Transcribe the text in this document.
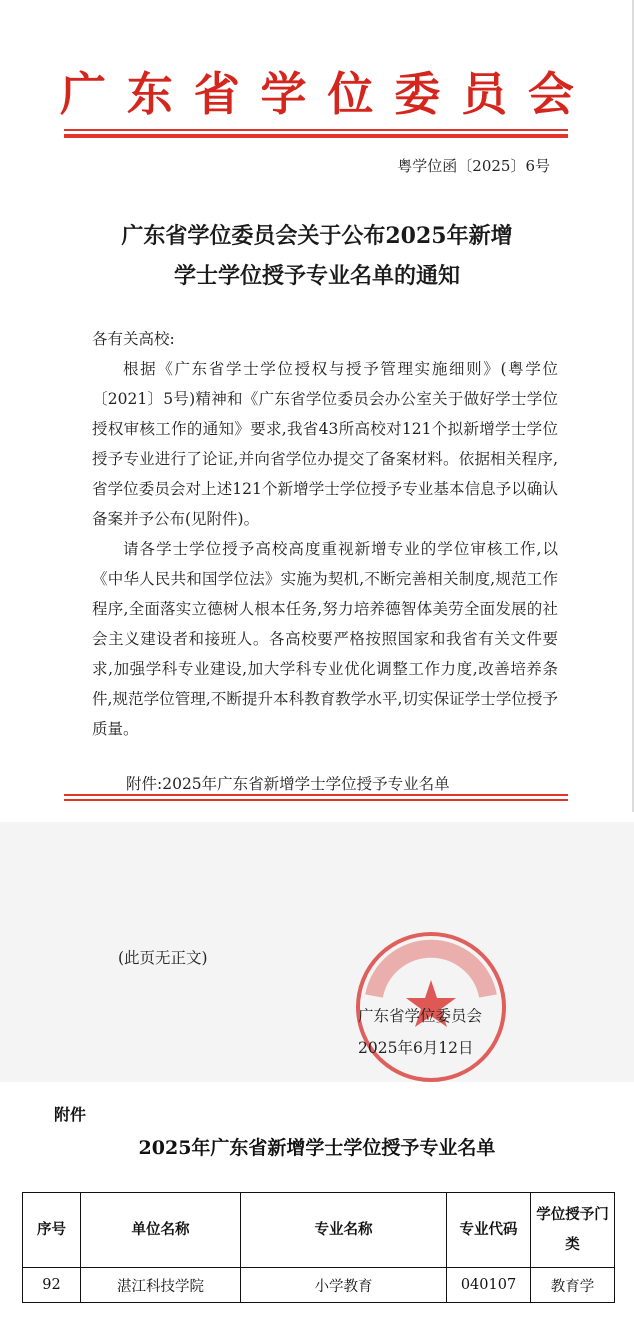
广 东 省 学 位 委 员 会
粤学位函〔2025〕6号
广东省学位委员会关于公布2025年新增
学士学位授予专业名单的通知

各有关高校:

根据《广东省学士学位授权与授予管理实施细则》(粤学位〔2021〕5号)精神和《广东省学位委员会办公室关于做好学士学位授权审核工作的通知》要求,我省43所高校对121个拟新增学士学位授予专业进行了论证,并向省学位办提交了备案材料。依据相关程序,省学位委员会对上述121个新增学士学位授予专业基本信息予以确认备案并予公布(见附件)。

请各学士学位授予高校高度重视新增专业的学位审核工作,以《中华人民共和国学位法》实施为契机,不断完善相关制度,规范工作程序,全面落实立德树人根本任务,努力培养德智体美劳全面发展的社会主义建设者和接班人。各高校要严格按照国家和我省有关文件要求,加强学科专业建设,加大学科专业优化调整工作力度,改善培养条件,规范学位管理,不断提升本科教育教学水平,切实保证学士学位授予质量。

附件:2025年广东省新增学士学位授予专业名单
(此页无正文)
广东省学位委员会
2025年6月12日
附件
2025年广东省新增学士学位授予专业名单
序号	单位名称	专业名称	专业代码	学位授予门类
92	湛江科技学院	小学教育	040107	教育学
